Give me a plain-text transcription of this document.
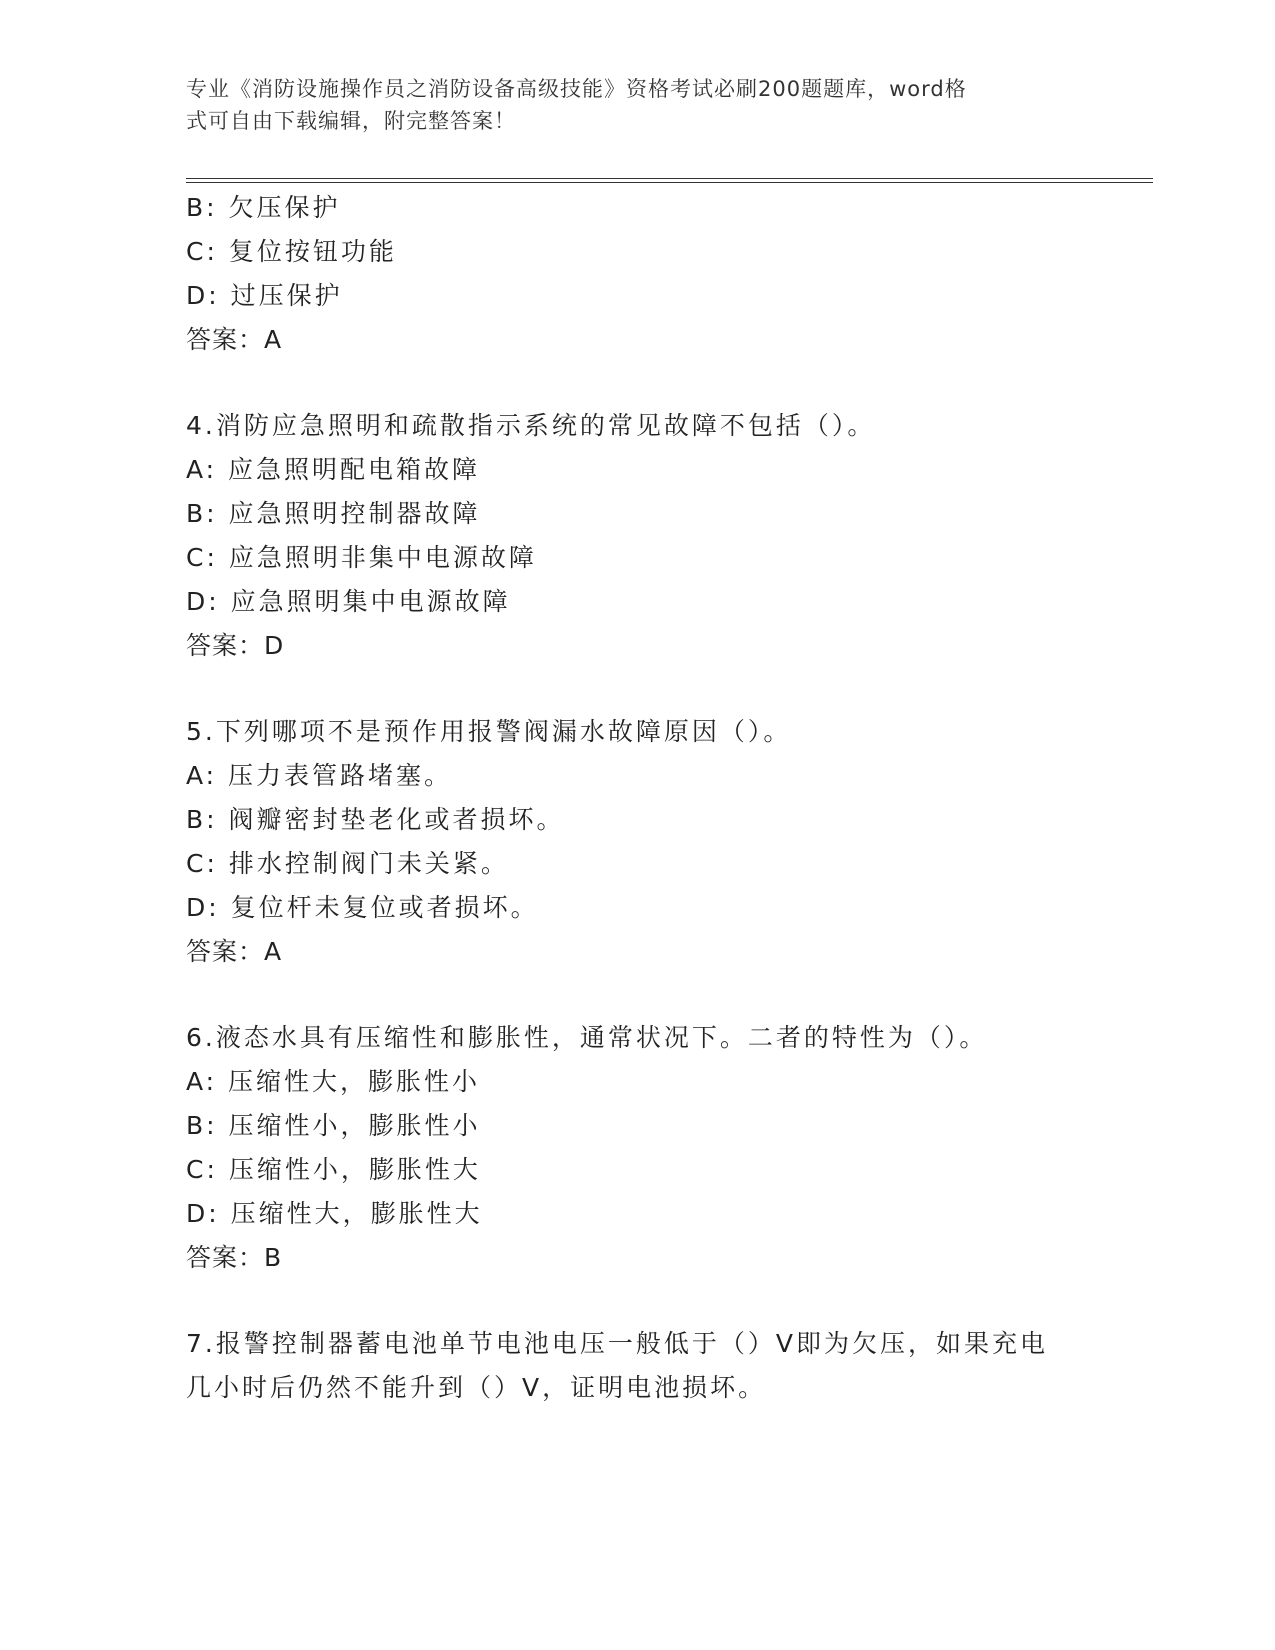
专业《消防设施操作员之消防设备高级技能》资格考试必刷200题题库，word格
式可自由下载编辑，附完整答案！
B: 欠压保护
C: 复位按钮功能
D: 过压保护
答案：A
4.消防应急照明和疏散指示系统的常见故障不包括（）。
A: 应急照明配电箱故障
B: 应急照明控制器故障
C: 应急照明非集中电源故障
D: 应急照明集中电源故障
答案：D
5.下列哪项不是预作用报警阀漏水故障原因（）。
A: 压力表管路堵塞。
B: 阀瓣密封垫老化或者损坏。
C: 排水控制阀门未关紧。
D: 复位杆未复位或者损坏。
答案：A
6.液态水具有压缩性和膨胀性，通常状况下。二者的特性为（）。
A: 压缩性大，膨胀性小
B: 压缩性小，膨胀性小
C: 压缩性小，膨胀性大
D: 压缩性大，膨胀性大
答案：B
7.报警控制器蓄电池单节电池电压一般低于（）V即为欠压，如果充电
几小时后仍然不能升到（）V，证明电池损坏。
